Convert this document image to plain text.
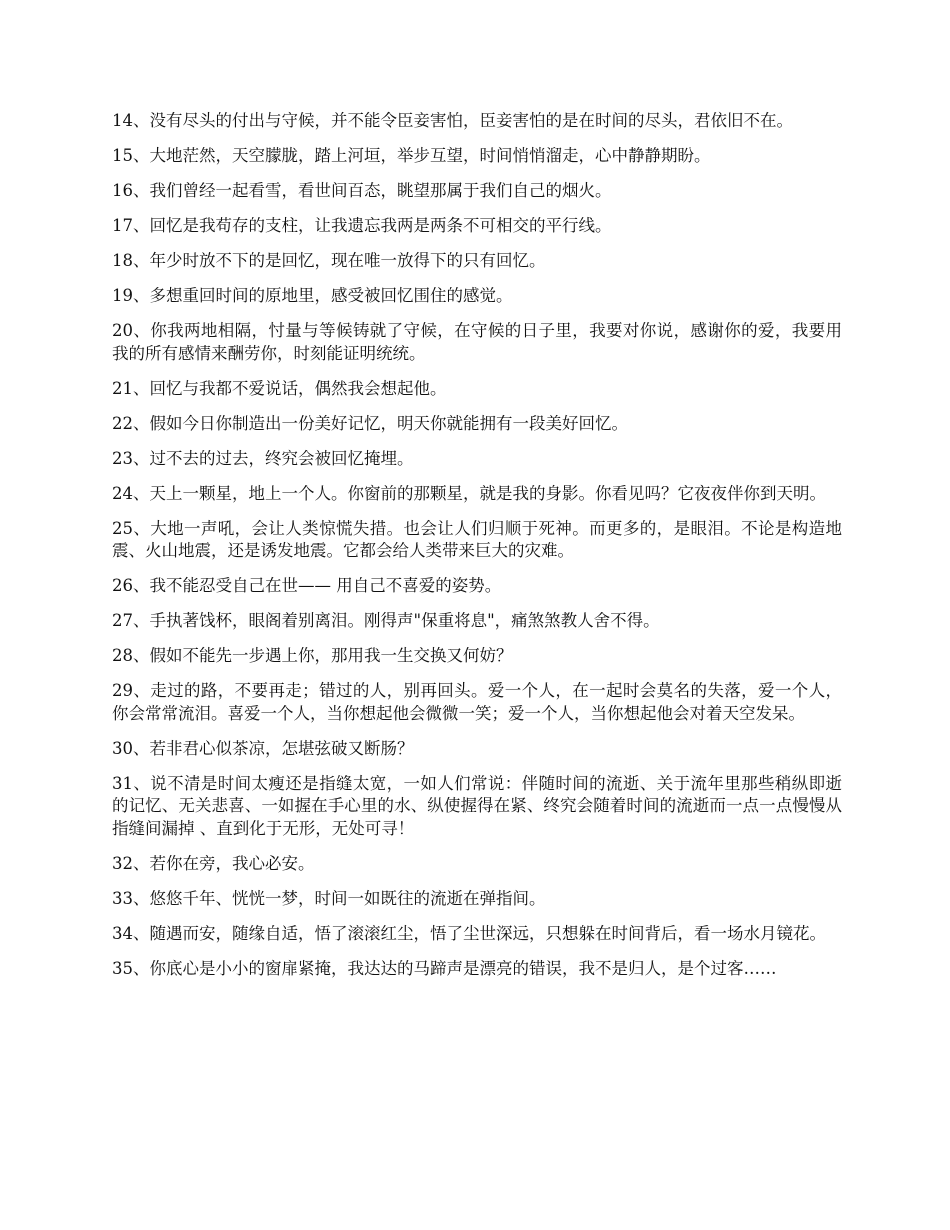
14、没有尽头的付出与守候，并不能令臣妾害怕，臣妾害怕的是在时间的尽头，君依旧不在。

15、大地茫然，天空朦胧，踏上河垣，举步互望，时间悄悄溜走，心中静静期盼。

16、我们曾经一起看雪，看世间百态，眺望那属于我们自己的烟火。

17、回忆是我苟存的支柱，让我遗忘我两是两条不可相交的平行线。

18、年少时放不下的是回忆，现在唯一放得下的只有回忆。

19、多想重回时间的原地里，感受被回忆围住的感觉。

20、你我两地相隔，忖量与等候铸就了守候，在守候的日子里，我要对你说，感谢你的爱，我要用我的所有感情来酬劳你，时刻能证明统统。

21、回忆与我都不爱说话，偶然我会想起他。

22、假如今日你制造出一份美好记忆，明天你就能拥有一段美好回忆。

23、过不去的过去，终究会被回忆掩埋。

24、天上一颗星，地上一个人。你窗前的那颗星，就是我的身影。你看见吗？它夜夜伴你到天明。

25、大地一声吼，会让人类惊慌失措。也会让人们归顺于死神。而更多的，是眼泪。不论是构造地震、火山地震，还是诱发地震。它都会给人类带来巨大的灾难。

26、我不能忍受自己在世—— 用自己不喜爱的姿势。

27、手执著饯杯，眼阁着别离泪。刚得声"保重将息"，痛煞煞教人舍不得。

28、假如不能先一步遇上你，那用我一生交换又何妨？

29、走过的路，不要再走；错过的人，别再回头。爱一个人，在一起时会莫名的失落，爱一个人，你会常常流泪。喜爱一个人，当你想起他会微微一笑；爱一个人，当你想起他会对着天空发呆。

30、若非君心似茶凉，怎堪弦破又断肠？

31、说不清是时间太瘦还是指缝太宽，一如人们常说：伴随时间的流逝、关于流年里那些稍纵即逝的记忆、无关悲喜、一如握在手心里的水、纵使握得在紧、终究会随着时间的流逝而一点一点慢慢从指缝间漏掉 、直到化于无形，无处可寻！

32、若你在旁，我心必安。

33、悠悠千年、恍恍一梦，时间一如既往的流逝在弹指间。

34、随遇而安，随缘自适，悟了滚滚红尘，悟了尘世深远，只想躲在时间背后，看一场水月镜花。

35、你底心是小小的窗扉紧掩，我达达的马蹄声是漂亮的错误，我不是归人，是个过客……
